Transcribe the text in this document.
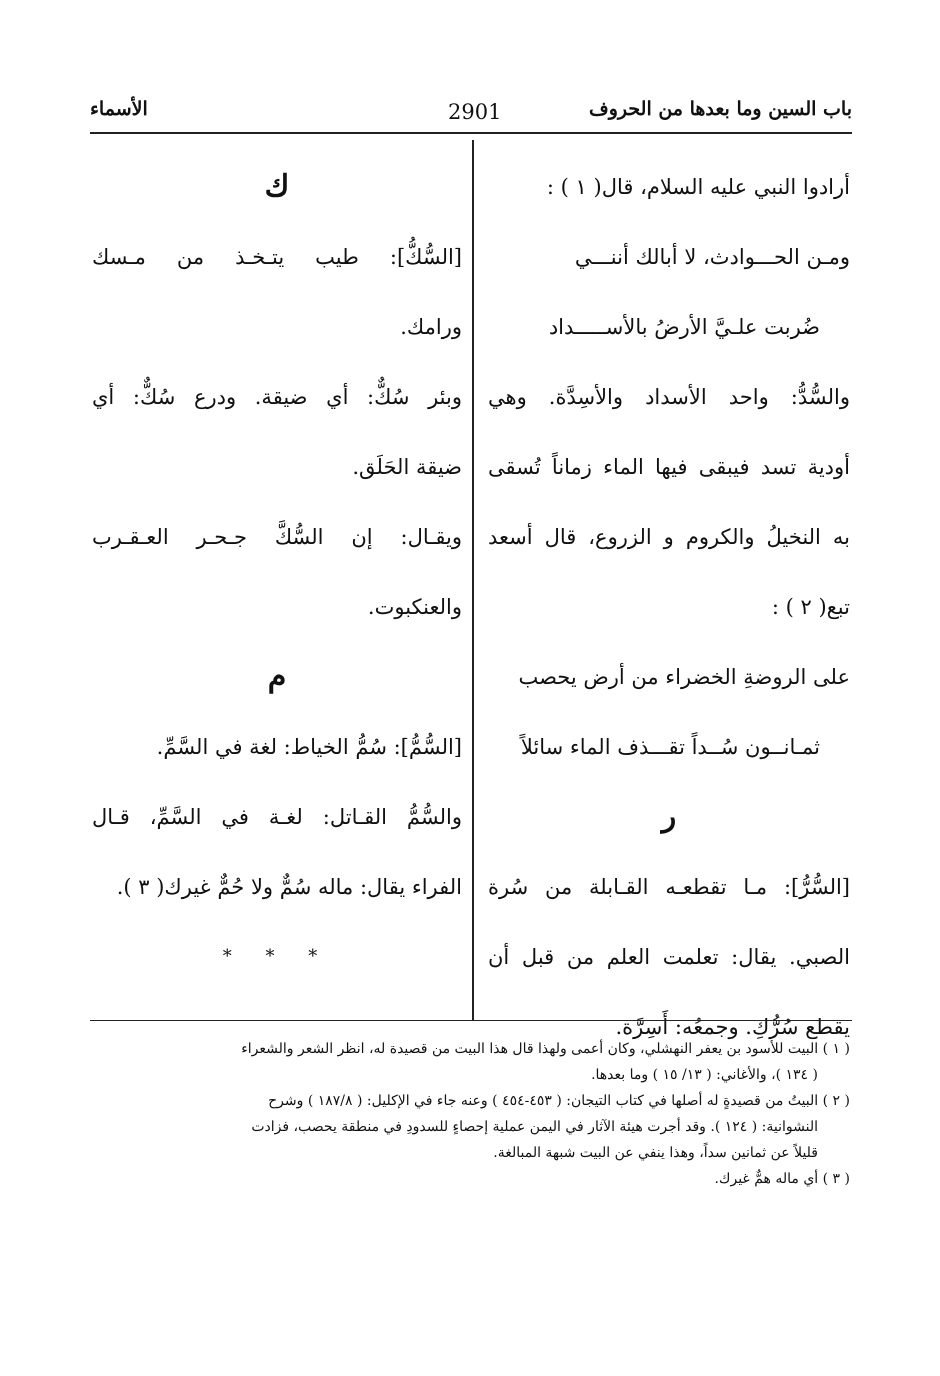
باب السين وما بعدها من الحروف
2901
الأسماء
أرادوا النبي عليه السلام، قال( ١ ) :
ومـن الحـــوادث، لا أبالك أننـــي
ضُربت علـيَّ الأرضُ بالأســـــداد
والسُّدُّ: واحد الأسداد والأسِدَّة. وهي
أودية تسد فيبقى فيها الماء زماناً تُسقى
به النخيلُ والكروم و الزروع، قال أسعد
تبع( ٢ ) :
على الروضةِ الخضراء من أرض يحصب
ثمـانــون سُــداً تقـــذف الماء سائلاً
ر
[السُّرُّ]: مـا تقطعـه القـابلة من سُرة
الصبي. يقال: تعلمت العلم من قبل أن
يقطع سُرُّكِ. وجمعُه: أَسِرَّة.
ك
[السُّكُّ]: طيب يتـخـذ من مـسك
ورامك.
وبئر سُكٌّ: أي ضيقة. ودرع سُكٌّ: أي
ضيقة الحَلَق.
ويقـال: إن السُّكَّ جـحـر العـقـرب
والعنكبوت.
م
[السُّمُّ]: سُمُّ الخياط: لغة في السَّمِّ.
والسُّمُّ القـاتل: لغـة في السَّمِّ، قـال
الفراء يقال: ماله سُمٌّ ولا حُمٌّ غيرك( ٣ ).
* * *

( ١ ) البيت للأسود بن يعفر النهشلي، وكان أعمى ولهذا قال هذا البيت من قصيدة له، انظر الشعر والشعراء

( ١٣٤ )، والأغاني: ( ١٣/ ١٥ ) وما بعدها.

( ٢ ) البيتُ من قصيدةٍ له أصلها في كتاب التيجان: ( ٤٥٣-٤٥٤ ) وعنه جاء في الإكليل: ( ١٨٧/٨ ) وشرح

النشوانية: ( ١٢٤ ). وقد أجرت هيئة الآثار في اليمن عملية إحصاءٍ للسدودِ في منطقة يحصب، فزادت

قليلاً عن ثمانين سداً، وهذا ينفي عن البيت شبهة المبالغة.

( ٣ ) أي ماله همٌّ غيرك.
